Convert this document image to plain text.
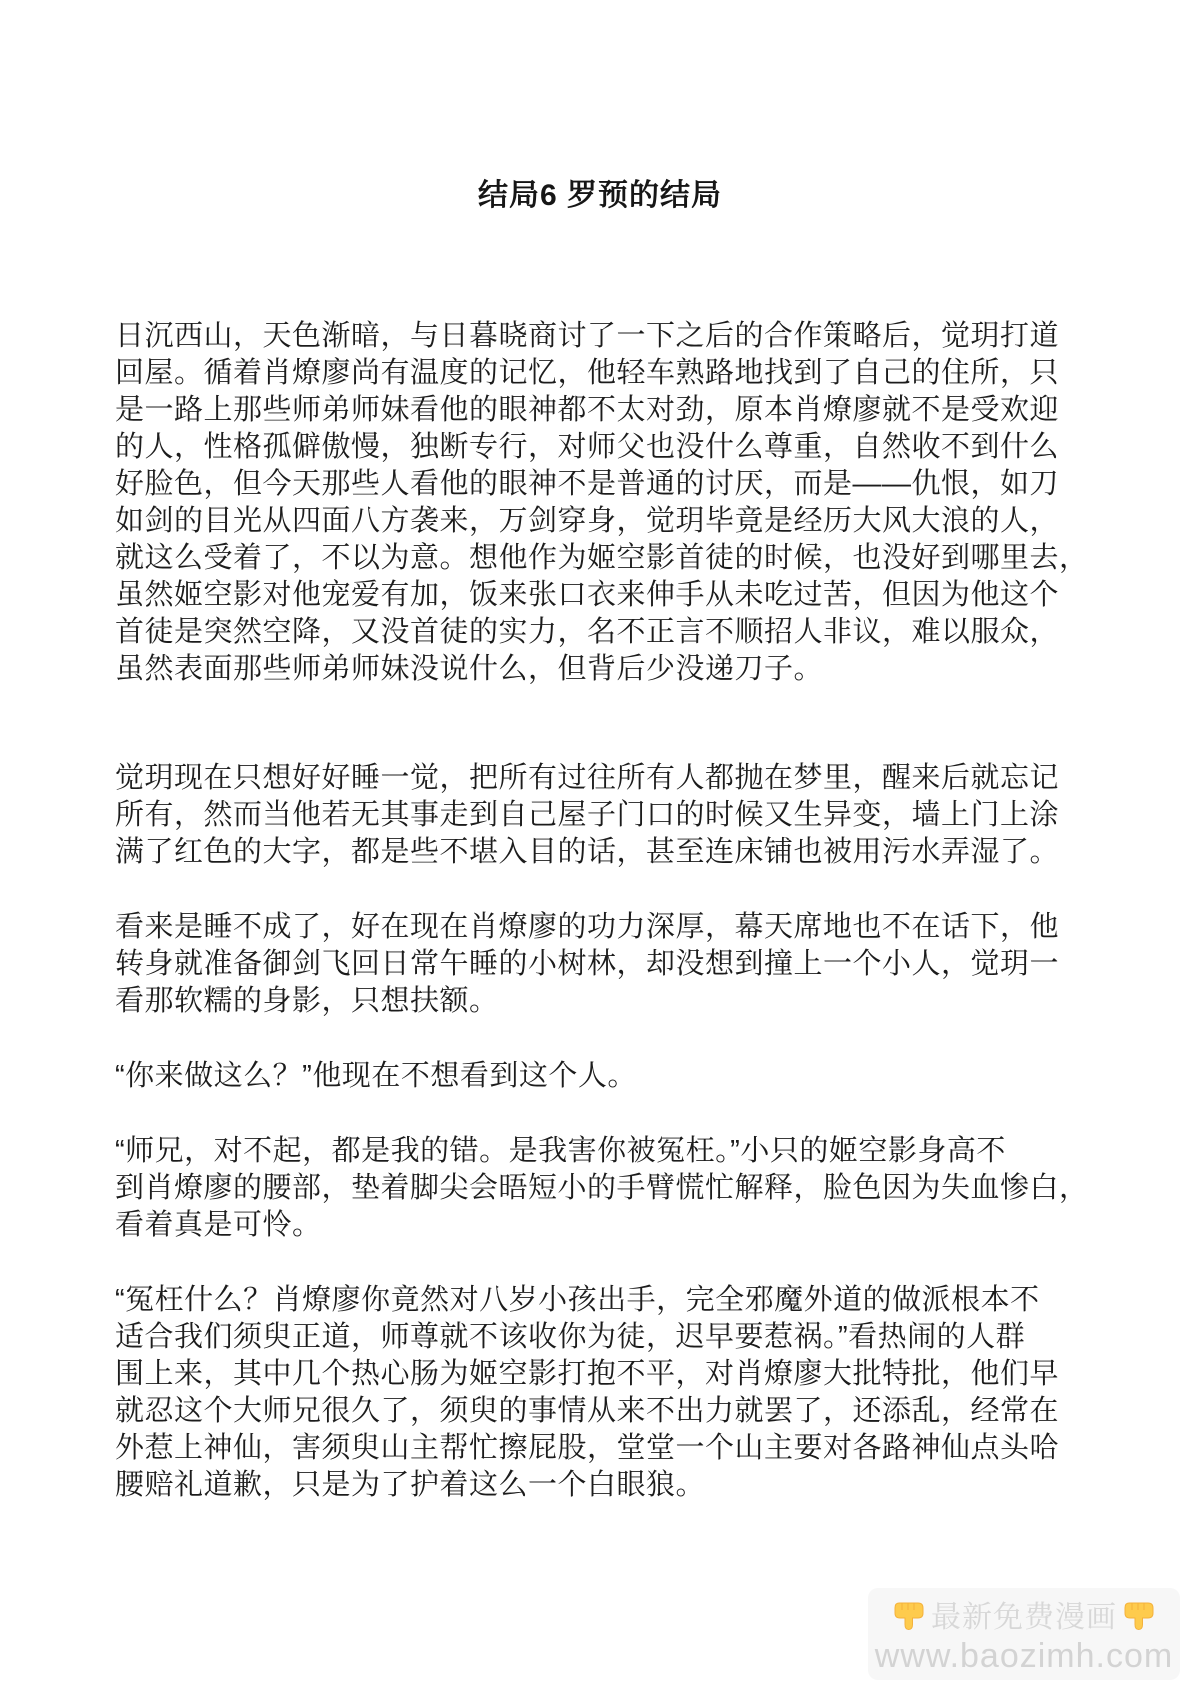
结局6 罗预的结局
日沉西山，天色渐暗，与日暮晓商讨了一下之后的合作策略后，觉玥打道
回屋。循着肖燎廖尚有温度的记忆，他轻车熟路地找到了自己的住所，只
是一路上那些师弟师妹看他的眼神都不太对劲，原本肖燎廖就不是受欢迎
的人，性格孤僻傲慢，独断专行，对师父也没什么尊重，自然收不到什么
好脸色，但今天那些人看他的眼神不是普通的讨厌，而是——仇恨，如刀
如剑的目光从四面八方袭来，万剑穿身，觉玥毕竟是经历大风大浪的人，
就这么受着了，不以为意。想他作为姬空影首徒的时候，也没好到哪里去，
虽然姬空影对他宠爱有加，饭来张口衣来伸手从未吃过苦，但因为他这个
首徒是突然空降，又没首徒的实力，名不正言不顺招人非议，难以服众，
虽然表面那些师弟师妹没说什么，但背后少没递刀子。
觉玥现在只想好好睡一觉，把所有过往所有人都抛在梦里，醒来后就忘记
所有，然而当他若无其事走到自己屋子门口的时候又生异变，墙上门上涂
满了红色的大字，都是些不堪入目的话，甚至连床铺也被用污水弄湿了。
看来是睡不成了，好在现在肖燎廖的功力深厚，幕天席地也不在话下，他
转身就准备御剑飞回日常午睡的小树林，却没想到撞上一个小人，觉玥一
看那软糯的身影，只想扶额。
“你来做这么？”他现在不想看到这个人。
“师兄，对不起，都是我的错。是我害你被冤枉。”小只的姬空影身高不
到肖燎廖的腰部，垫着脚尖会晤短小的手臂慌忙解释，脸色因为失血惨白，
看着真是可怜。
“冤枉什么？肖燎廖你竟然对八岁小孩出手，完全邪魔外道的做派根本不
适合我们须臾正道，师尊就不该收你为徒，迟早要惹祸。”看热闹的人群
围上来，其中几个热心肠为姬空影打抱不平，对肖燎廖大批特批，他们早
就忍这个大师兄很久了，须臾的事情从来不出力就罢了，还添乱，经常在
外惹上神仙，害须臾山主帮忙擦屁股，堂堂一个山主要对各路神仙点头哈
腰赔礼道歉，只是为了护着这么一个白眼狼。
最新免费漫画
www.baozimh.com
